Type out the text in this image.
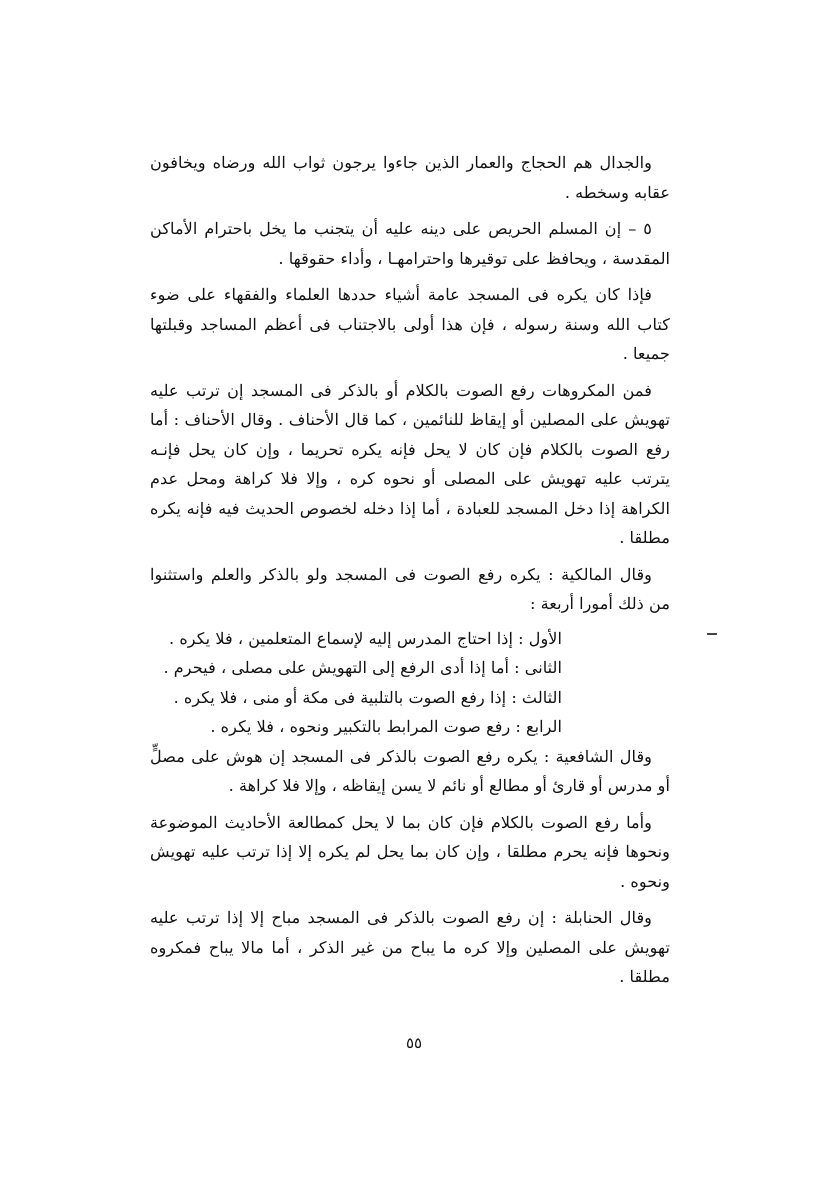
والجدال هم الحجاج والعمار الذين جاءوا يرجون ثواب الله ورضاه ويخافون عقابه وسخطه .

٥ – إن المسلم الحريص على دينه عليه أن يتجنب ما يخل باحترام الأماكن المقدسة ، ويحافظ على توقيرها واحترامهـا ، وأداء حقوقها .

فإذا كان يكره فى المسجد عامة أشياء حددها العلماء والفقهاء على ضوء كتاب الله وسنة رسوله ، فإن هذا أولى بالاجتناب فى أعظم المساجد وقبلتها جميعا .

فمن المكروهات رفع الصوت بالكلام أو بالذكر فى المسجد إن ترتب عليه تهويش على المصلين أو إيقاظ للنائمين ، كما قال الأحناف . وقال الأحناف : أما رفع الصوت بالكلام فإن كان لا يحل فإنه يكره تحريما ، وإن كان يحل فإنـه يترتب عليه تهويش على المصلى أو نحوه كره ، وإلا فلا كراهة ومحل عدم الكراهة إذا دخل المسجد للعبادة ، أما إذا دخله لخصوص الحديث فيه فإنه يكره مطلقا .

وقال المالكية : يكره رفع الصوت فى المسجد ولو بالذكر والعلم واستثنوا من ذلك أمورا أربعة :

الأول : إذا احتاج المدرس إليه لإسماع المتعلمين ، فلا يكره .

الثانى : أما إذا أدى الرفع إلى التهويش على مصلى ، فيحرم .

الثالث : إذا رفع الصوت بالتلبية فى مكة أو منى ، فلا يكره .

الرابع : رفع صوت المرابط بالتكبير ونحوه ، فلا يكره .

وقال الشافعية : يكره رفع الصوت بالذكر فى المسجد إن هوش على مصلٍّ أو مدرس أو قارئ أو مطالع أو نائم لا يسن إيقاظه ، وإلا فلا كراهة .

وأما رفع الصوت بالكلام فإن كان بما لا يحل كمطالعة الأحاديث الموضوعة ونحوها فإنه يحرم مطلقا ، وإن كان بما يحل لم يكره إلا إذا ترتب عليه تهويش ونحوه .

وقال الحنابلة : إن رفع الصوت بالذكر فى المسجد مباح إلا إذا ترتب عليه تهويش على المصلين وإلا كره ما يباح من غير الذكر ، أما مالا يباح فمكروه مطلقا .

٥٥
